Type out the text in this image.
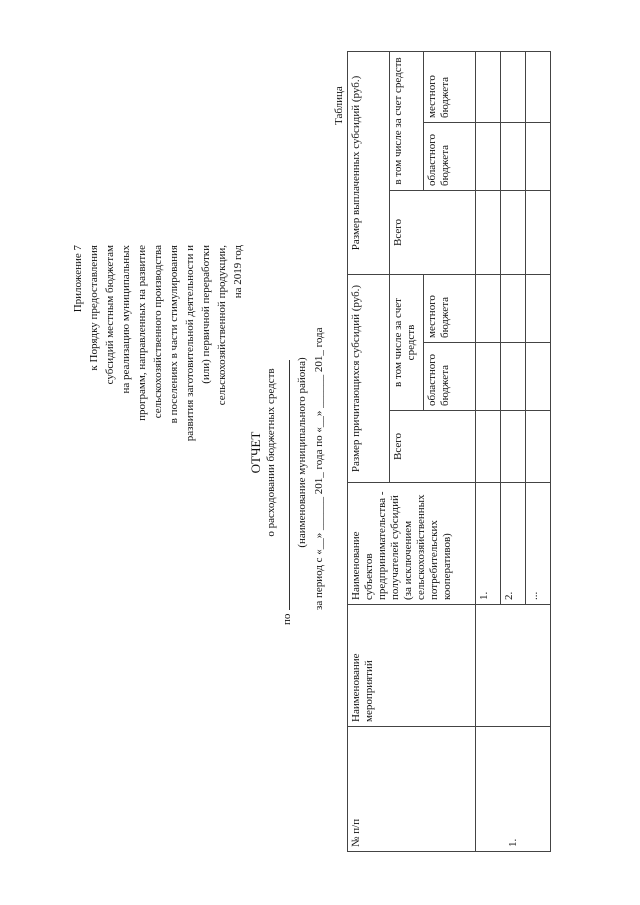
Приложение 7 к Порядку предоставления субсидий местным бюджетам на реализацию муниципальных программ, направленных на развитие сельскохозяйственного производства в поселениях в части стимулирования развития заготовительной деятельности и (или) первичной переработки сельскохозяйственной продукции, на 2019 год
ОТЧЕТ о расходовании бюджетных средств
по
(наименование муниципального района) за период с «__» ______ 201_ года по «__» ______ 201_ года
Таблица
№ п/п	Наименование мероприятий	Наименование субъектов предпринимательства - получателей субсидий (за исключением сельскохозяйственных потребительских кооперативов)	Размер причитающихся субсидий (руб.)			Размер выплаченных субсидий (руб.)		
			Всего	в том числе за счет средств		Всего	в том числе за счет средств	
				областного бюджета	местного бюджета		областного бюджета	местного бюджета
1.		1.						
		2.						
		...						
